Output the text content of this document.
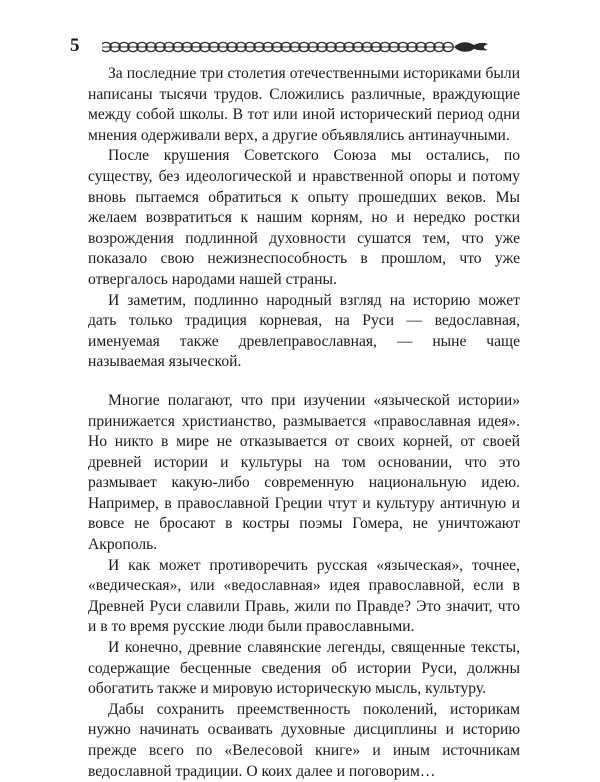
5

За последние три столетия отечественными историками были написаны тысячи трудов. Сложились различные, враждующие между собой школы. В тот или иной исторический период одни мнения одерживали верх, а другие объявлялись антинаучными.

После крушения Советского Союза мы остались, по существу, без идеологической и нравственной опоры и потому вновь пытаемся обратиться к опыту прошедших веков. Мы желаем возвратиться к нашим корням, но и нередко ростки возрождения подлинной духовности сушатся тем, что уже показало свою нежизнеспособность в прошлом, что уже отвергалось народами нашей страны.

И заметим, подлинно народный взгляд на историю может дать только традиция корневая, на Руси — ведославная, именуемая также древлеправославная, — ныне чаще называемая языческой.

Многие полагают, что при изучении «языческой истории» принижается христианство, размывается «православная идея». Но никто в мире не отказывается от своих корней, от своей древней истории и культуры на том основании, что это размывает какую-либо современную национальную идею. Например, в православной Греции чтут и культуру античную и вовсе не бросают в костры поэмы Гомера, не уничтожают Акрополь.

И как может противоречить русская «языческая», точнее, «ведическая», или «ведославная» идея православной, если в Древней Руси славили Правь, жили по Правде? Это значит, что и в то время русские люди были православными.

И конечно, древние славянские легенды, священные тексты, содержащие бесценные сведения об истории Руси, должны обогатить также и мировую историческую мысль, культуру.

Дабы сохранить преемственность поколений, историкам нужно начинать осваивать духовные дисциплины и историю прежде всего по «Велесовой книге» и иным источникам ведославной традиции. О коих далее и поговорим…
